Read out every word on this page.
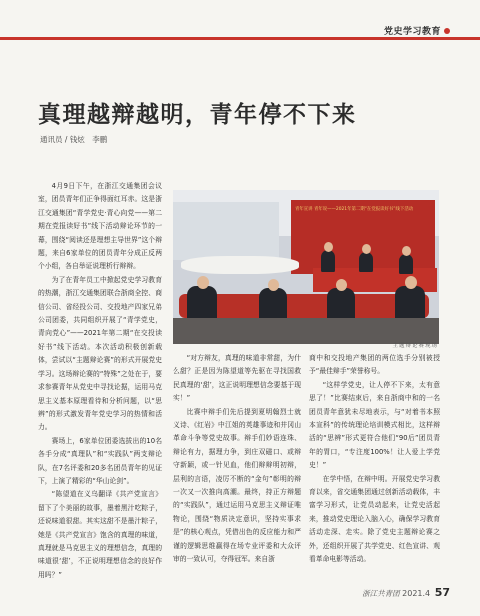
党史学习教育
真理越辩越明，青年停不下来
通讯员 / 钱炫　李鹏
青年宣讲 青年说——2021年第二期“在党报读好书”线下活动
主题辩论赛现场

4月9日下午，在浙江交通集团会议室，团员青年们正争得面红耳赤。这是浙江交通集团“青学党史·青心向党——第二期在党报读好书”线下活动辩论环节的一幕，围绕“阅读还是理想主导世界”这个辩题，来自6家单位的团员青年分成正反两个小组，各自举证说理析行辩辩。

为了在青年员工中掀起党史学习教育的热潮，浙江交通集团联合浙商全控、商信公司、省经投公司、交投地产四家兄弟公司团委，共同组织开展了“青学党史，青向党心”——2021年第二期“在交投读好书”线下活动。本次活动积极创新载体，尝试以“主题辩论赛”的形式开展党史学习。这场辩论赛的“特殊”之处在于，要求参赛青年从党史中寻找论据，运用马克思主义基本原理看待和分析问题，以“思辨”的形式激发青年党史学习的热情和活力。

赛场上，6家单位团委选拔出的10名各手分成“真理队”和“实践队”两支辩论队，在7名评委和20多名团员青年的见证下，上演了精彩的“华山论剑”。

“陈望道在义乌翻译《共产党宣言》留下了个美丽的故事，墨着黑汁吃粽子，还说味道很甜。其实这甜不是墨汁粽子，她是《共产党宣言》饱含的真理的味道，真理就是马克思主义的理想信念，真理的味道很‘甜’，不正说明理想信念的良好作用吗？”

“对方辩友，真理的味道非常甜，为什么甜？正是因为陈望道等先驱在寻找国救民真理的‘甜’，这正说明理想信念要基于现实！”

比赛中辩手们先后提到夏明翰烈士就义诗、《红岩》中江姐的英雄事迹和井冈山革命斗争等党史故事。辩手们妙语连珠、辩论有力，据理力争，到庄双磁口、或辩守新颖，或一针见血，他们辩辩明初辩，层利的言语，凌厉不断的“金句”彰明的辩一次又一次推向高潮。最终，持正方辩题的“实践队”，通过运用马克思主义辩证唯物论，围绕“物质决定意识，坚持实事求是”的核心观点，凭借出色的反应能力和严谨的逻辑思维赢得在场专业评委和大众评审的一致认可，夺得冠军。来自浙

商中和交投地产集团的两位选手分别被授予“最佳辩手”荣誉称号。

“这样学党史，让人停不下来，太有意思了！”比赛结束后，来自浙商中和的一名团员青年意犹未尽地表示，与“对着书本照本宣科”的传统理论培训模式相比，这样辩活的“思辨”形式更符合他们“90后”团员青年的胃口，“专注度100%！让人爱上学党史！”

在学中悟，在辩中明。开展党史学习教育以来，省交通集团通过创新活动载体，丰富学习形式，让党员动起来，让党史活起来，推动党史理论入脑入心，确保学习教育活动走深、走实。除了党史主题辩论赛之外，还组织开展了共学党史、红色宣讲、观看革命电影等活动。

浙江共青团 2021.4 57
